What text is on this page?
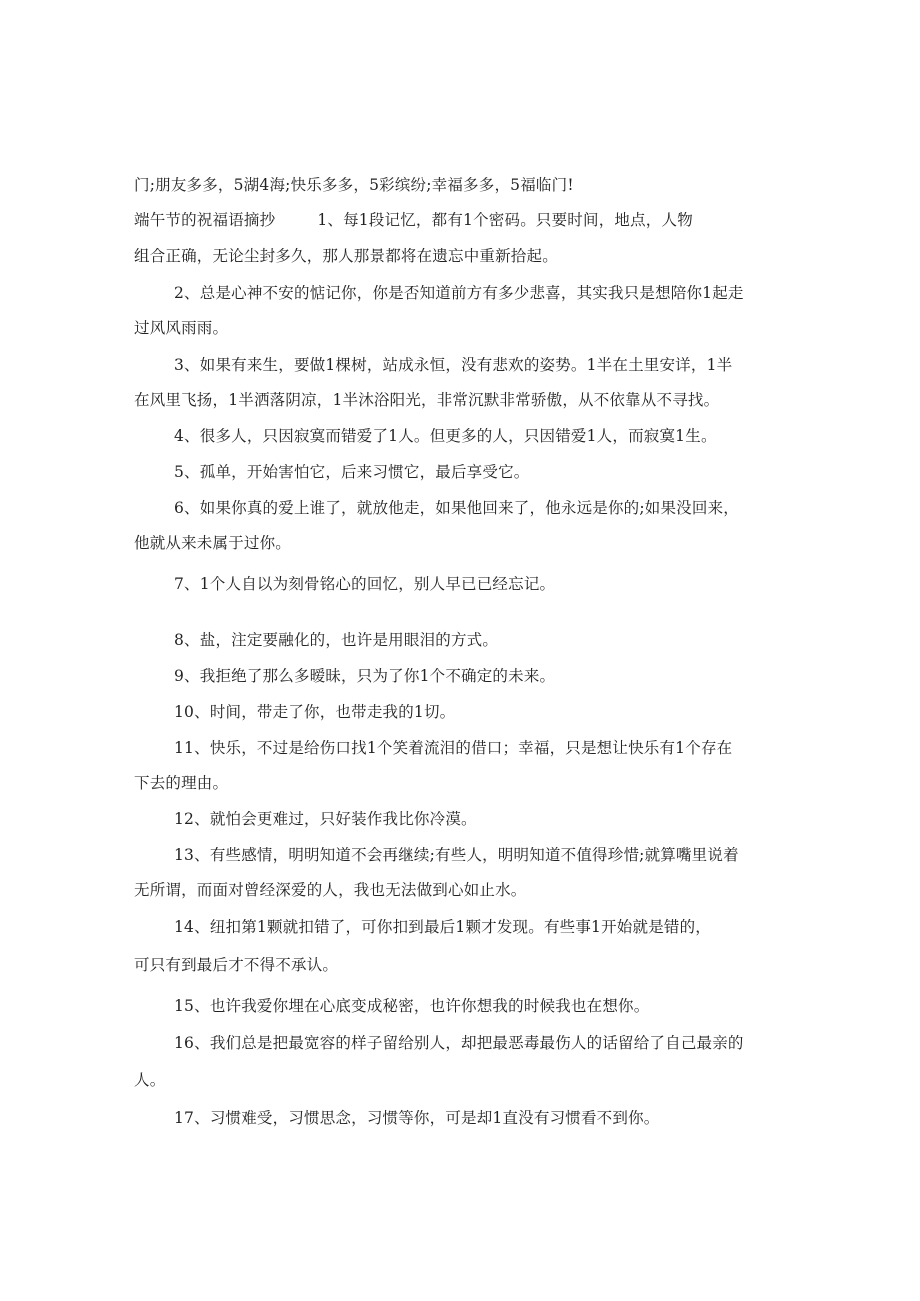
门;朋友多多，5湖4海;快乐多多，5彩缤纷;幸福多多，5福临门!
端午节的祝福语摘抄	1、每1段记忆，都有1个密码。只要时间，地点，人物
组合正确，无论尘封多久，那人那景都将在遗忘中重新拾起。
2、总是心神不安的惦记你，你是否知道前方有多少悲喜，其实我只是想陪你1起走
过风风雨雨。
3、如果有来生，要做1棵树，站成永恒，没有悲欢的姿势。1半在土里安详，1半
在风里飞扬，1半洒落阴凉，1半沐浴阳光，非常沉默非常骄傲，从不依靠从不寻找。
4、很多人，只因寂寞而错爱了1人。但更多的人，只因错爱1人，而寂寞1生。
5、孤单，开始害怕它，后来习惯它，最后享受它。
6、如果你真的爱上谁了，就放他走，如果他回来了，他永远是你的;如果没回来，
他就从来未属于过你。
7、1个人自以为刻骨铭心的回忆，别人早已已经忘记。
8、盐，注定要融化的，也许是用眼泪的方式。
9、我拒绝了那么多暧昧，只为了你1个不确定的未来。
10、时间，带走了你，也带走我的1切。
11、快乐，不过是给伤口找1个笑着流泪的借口；幸福，只是想让快乐有1个存在
下去的理由。
12、就怕会更难过，只好装作我比你冷漠。
13、有些感情，明明知道不会再继续;有些人，明明知道不值得珍惜;就算嘴里说着
无所谓，而面对曾经深爱的人，我也无法做到心如止水。
14、纽扣第1颗就扣错了，可你扣到最后1颗才发现。有些事1开始就是错的，
可只有到最后才不得不承认。
15、也许我爱你埋在心底变成秘密，也许你想我的时候我也在想你。
16、我们总是把最宽容的样子留给别人，却把最恶毒最伤人的话留给了自己最亲的
人。
17、习惯难受，习惯思念，习惯等你，可是却1直没有习惯看不到你。
